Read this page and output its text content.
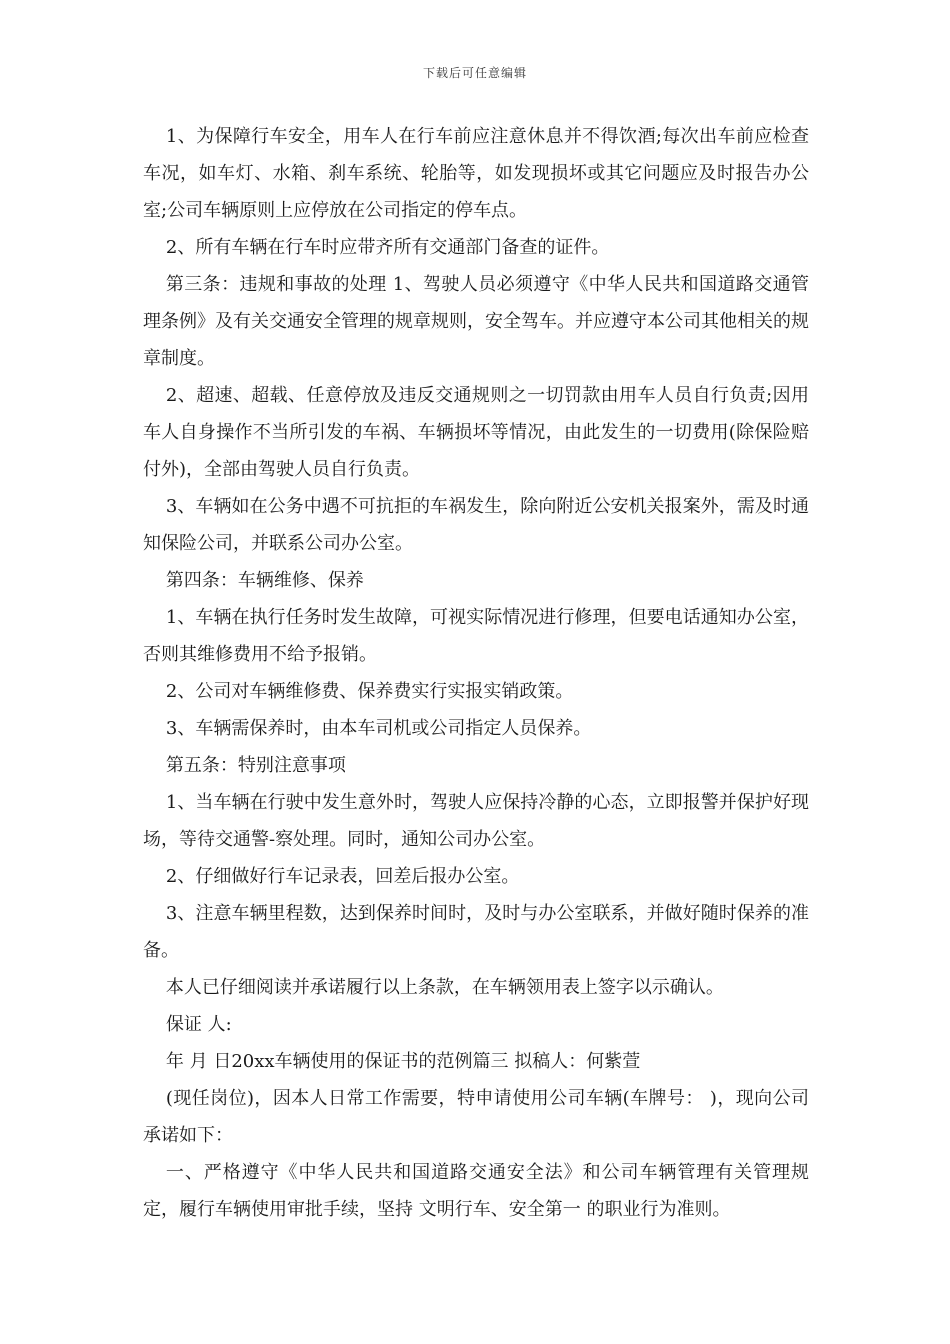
下载后可任意编辑

1、为保障行车安全，用车人在行车前应注意休息并不得饮酒;每次出车前应检查车况，如车灯、水箱、刹车系统、轮胎等，如发现损坏或其它问题应及时报告办公室;公司车辆原则上应停放在公司指定的停车点。

2、所有车辆在行车时应带齐所有交通部门备查的证件。

第三条：违规和事故的处理 1、驾驶人员必须遵守《中华人民共和国道路交通管理条例》及有关交通安全管理的规章规则，安全驾车。并应遵守本公司其他相关的规章制度。

2、超速、超载、任意停放及违反交通规则之一切罚款由用车人员自行负责;因用车人自身操作不当所引发的车祸、车辆损坏等情况，由此发生的一切费用(除保险赔付外)，全部由驾驶人员自行负责。

3、车辆如在公务中遇不可抗拒的车祸发生，除向附近公安机关报案外，需及时通知保险公司，并联系公司办公室。

第四条：车辆维修、保养

1、车辆在执行任务时发生故障，可视实际情况进行修理，但要电话通知办公室，否则其维修费用不给予报销。

2、公司对车辆维修费、保养费实行实报实销政策。

3、车辆需保养时，由本车司机或公司指定人员保养。

第五条：特别注意事项

1、当车辆在行驶中发生意外时，驾驶人应保持冷静的心态，立即报警并保护好现场，等待交通警-察处理。同时，通知公司办公室。

2、仔细做好行车记录表，回差后报办公室。

3、注意车辆里程数，达到保养时间时，及时与办公室联系，并做好随时保养的准备。

本人已仔细阅读并承诺履行以上条款，在车辆领用表上签字以示确认。

保证 人:

年 月 日20xx车辆使用的保证书的范例篇三 拟稿人：何紫萱

(现任岗位)，因本人日常工作需要，特申请使用公司车辆(车牌号： )，现向公司承诺如下：

一、严格遵守《中华人民共和国道路交通安全法》和公司车辆管理有关管理规定，履行车辆使用审批手续，坚持 文明行车、安全第一 的职业行为准则。
